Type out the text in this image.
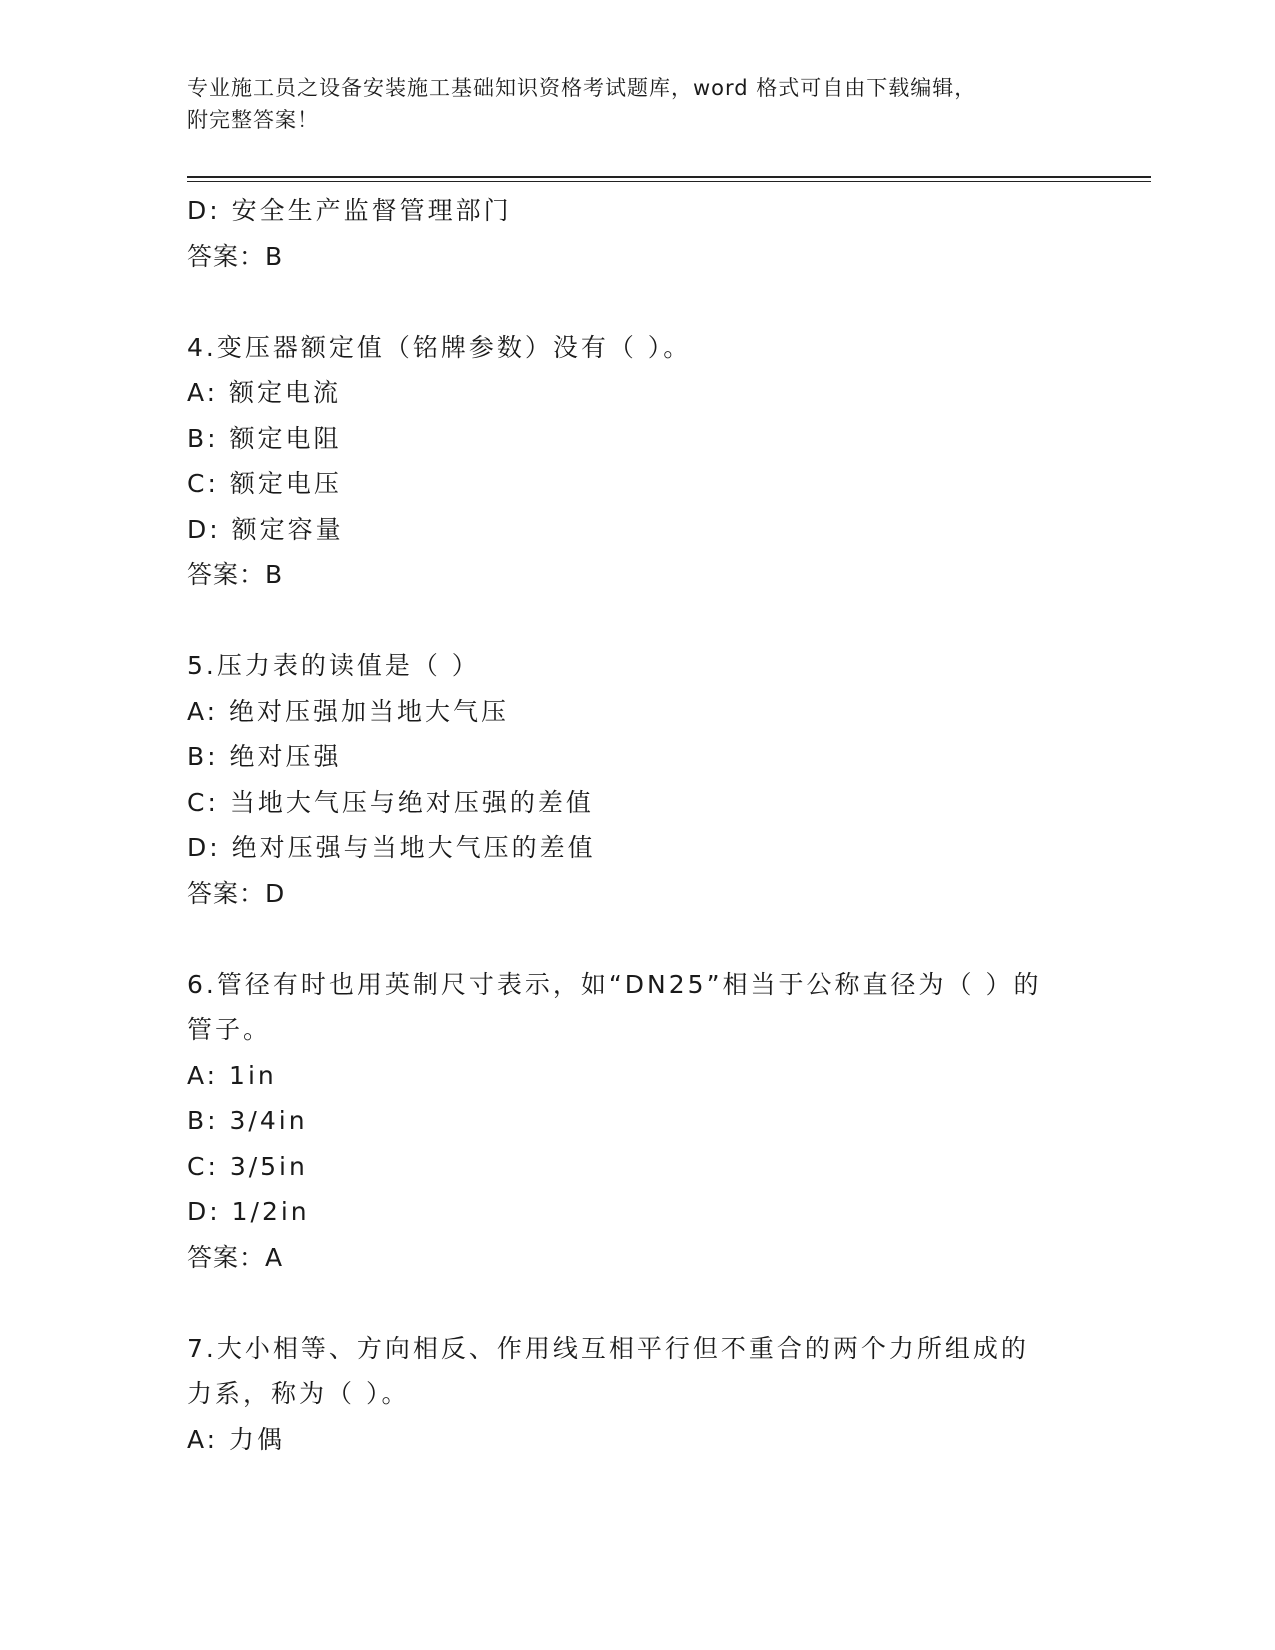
专业施工员之设备安装施工基础知识资格考试题库，word 格式可自由下载编辑，
附完整答案！
D: 安全生产监督管理部门
答案：B
4.变压器额定值（铭牌参数）没有（ ）。
A: 额定电流
B: 额定电阻
C: 额定电压
D: 额定容量
答案：B
5.压力表的读值是（ ）
A: 绝对压强加当地大气压
B: 绝对压强
C: 当地大气压与绝对压强的差值
D: 绝对压强与当地大气压的差值
答案：D
6.管径有时也用英制尺寸表示，如“DN25”相当于公称直径为（ ）的
管子。
A: 1in
B: 3/4in
C: 3/5in
D: 1/2in
答案：A
7.大小相等、方向相反、作用线互相平行但不重合的两个力所组成的
力系，称为（ ）。
A: 力偶
